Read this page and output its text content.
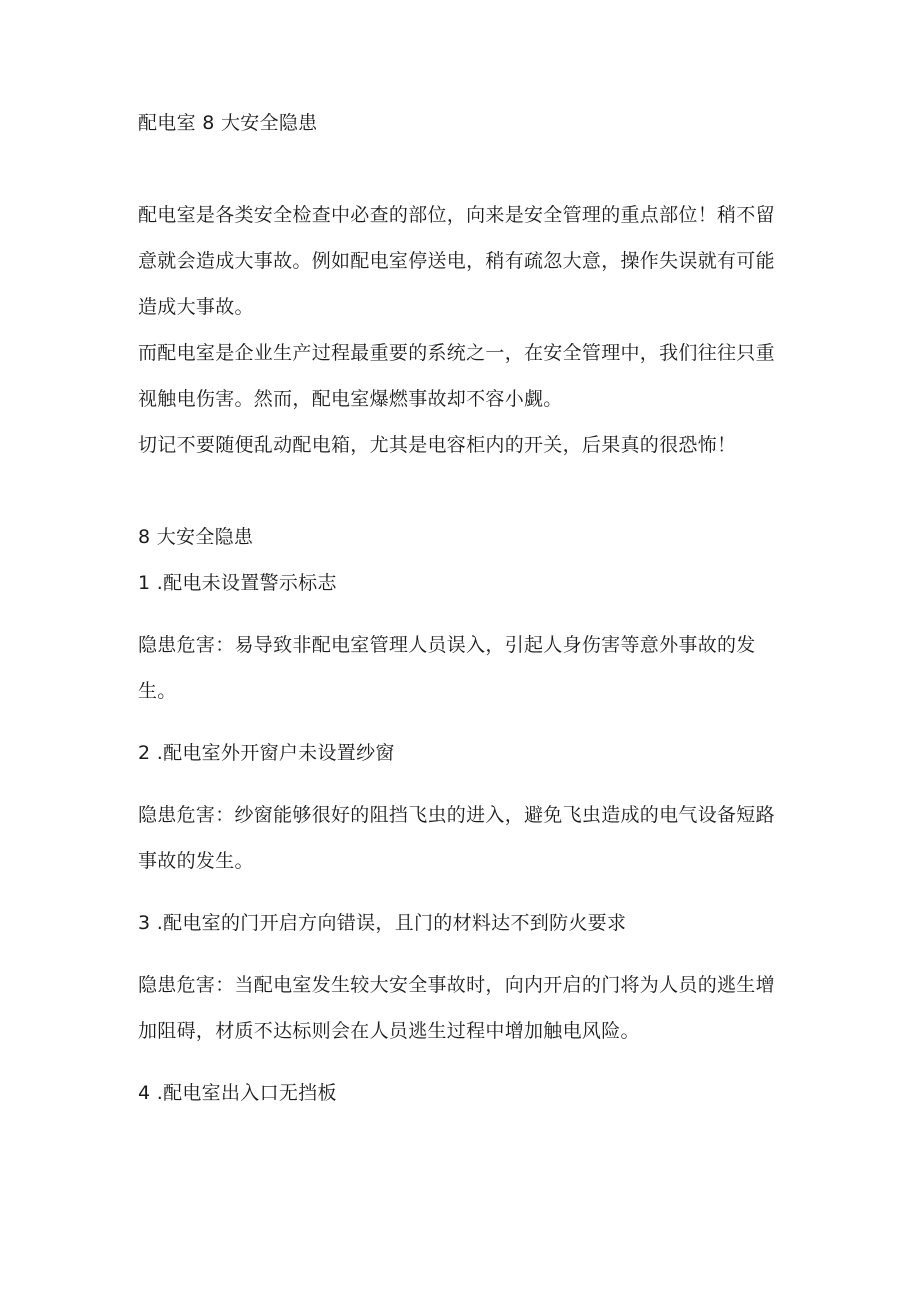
配电室 8 大安全隐患

配电室是各类安全检查中必查的部位，向来是安全管理的重点部位！稍不留意就会造成大事故。例如配电室停送电，稍有疏忽大意，操作失误就有可能造成大事故。

而配电室是企业生产过程最重要的系统之一，在安全管理中，我们往往只重视触电伤害。然而，配电室爆燃事故却不容小觑。

切记不要随便乱动配电箱，尤其是电容柜内的开关，后果真的很恐怖！

8 大安全隐患

1 .配电未设置警示标志

隐患危害：易导致非配电室管理人员误入，引起人身伤害等意外事故的发生。

2 .配电室外开窗户未设置纱窗

隐患危害：纱窗能够很好的阻挡飞虫的进入，避免飞虫造成的电气设备短路事故的发生。

3 .配电室的门开启方向错误，且门的材料达不到防火要求

隐患危害：当配电室发生较大安全事故时，向内开启的门将为人员的逃生增加阻碍，材质不达标则会在人员逃生过程中增加触电风险。

4 .配电室出入口无挡板
